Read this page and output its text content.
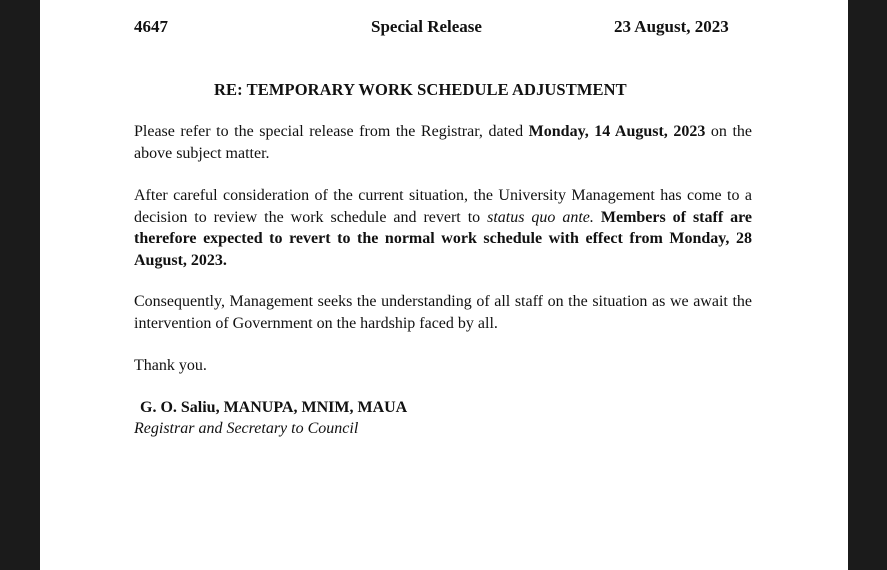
4647	Special Release	23 August, 2023
RE: TEMPORARY WORK SCHEDULE ADJUSTMENT

Please refer to the special release from the Registrar, dated Monday, 14 August, 2023 on the above subject matter.

After careful consideration of the current situation, the University Management has come to a decision to review the work schedule and revert to status quo ante. Members of staff are therefore expected to revert to the normal work schedule with effect from Monday, 28 August, 2023.

Consequently, Management seeks the understanding of all staff on the situation as we await the intervention of Government on the hardship faced by all.

Thank you.

G. O. Saliu, MANUPA, MNIM, MAUA
Registrar and Secretary to Council
